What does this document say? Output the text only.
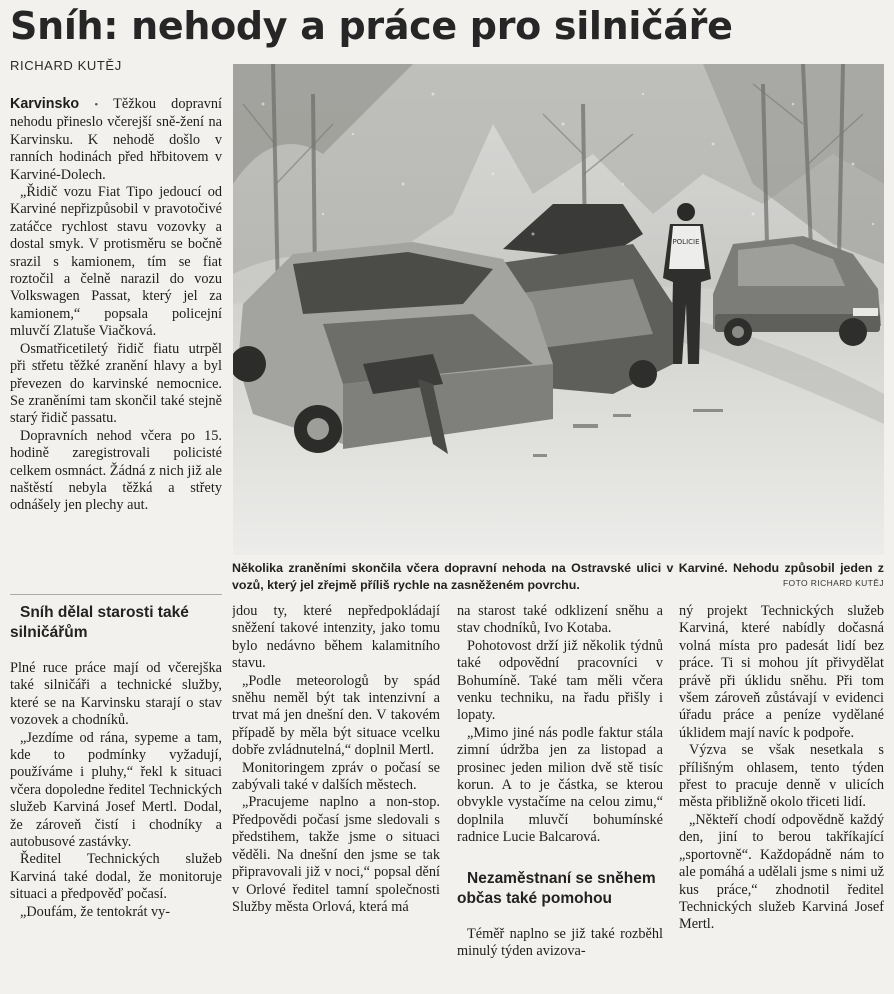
Sníh: nehody a práce pro silničáře
RICHARD KUTĚJ

Karvinsko • Těžkou dopravní nehodu přineslo včerejší sně-žení na Karvinsku. K nehodě došlo v ranních hodinách před hřbitovem v Karviné-Dolech.

„Řidič vozu Fiat Tipo jedoucí od Karviné nepřizpůsobil v pravotočivé zatáčce rychlost stavu vozovky a dostal smyk. V protisměru se bočně srazil s kamionem, tím se fiat roztočil a čelně narazil do vozu Volkswagen Passat, který jel za kamionem,“ popsala policejní mluvčí Zlatuše Viačková.

Osmatřicetiletý řidič fiatu utrpěl při střetu těžké zranění hlavy a byl převezen do karvinské nemocnice. Se zraněními tam skončil také stejně starý řidič passatu.

Dopravních nehod včera po 15. hodině zaregistrovali policisté celkem osmnáct. Žádná z nich již ale naštěstí nebyla těžká a střety odnášely jen plechy aut.

POLICIE

Několika zraněními skončila včera dopravní nehoda na Ostravské ulici v Karviné. Nehodu způsobil jeden z vozů, který jel zřejmě příliš rychle na zasněženém povrchu.	FOTO RICHARD KUTĚJ

Sníh dělal starosti také silničářům

Plné ruce práce mají od včerejška také silničáři a technické služby, které se na Karvinsku starají o stav vozovek a chodníků.

„Jezdíme od rána, sypeme a tam, kde to podmínky vyžadují, používáme i pluhy,“ řekl k situaci včera dopoledne ředitel Technických služeb Karviná Josef Mertl. Dodal, že zároveň čistí i chodníky a autobusové zastávky.

Ředitel Technických služeb Karviná také dodal, že monitoruje situaci a předpověď počasí.

„Doufám, že tentokrát vy-

jdou ty, které nepředpokládají sněžení takové intenzity, jako tomu bylo nedávno během kalamitního stavu.

„Podle meteorologů by spád sněhu neměl být tak intenzivní a trvat má jen dnešní den. V takovém případě by měla být situace vcelku dobře zvládnutelná,“ doplnil Mertl.

Monitoringem zpráv o počasí se zabývali také v dalších městech.

„Pracujeme naplno a non-stop. Předpovědi počasí jsme sledovali s předstihem, takže jsme o situaci věděli. Na dnešní den jsme se tak připravovali již v noci,“ popsal dění v Orlové ředitel tamní společnosti Služby města Orlová, která má

na starost také odklizení sněhu a stav chodníků, Ivo Kotaba.

Pohotovost drží již několik týdnů také odpovědní pracovníci v Bohumíně. Také tam měli včera venku techniku, na řadu přišly i lopaty.

„Mimo jiné nás podle faktur stála zimní údržba jen za listopad a prosinec jeden milion dvě stě tisíc korun. A to je částka, se kterou obvykle vystačíme na celou zimu,“ doplnila mluvčí bohumínské radnice Lucie Balcarová.

Nezaměstnaní se sněhem občas také pomohou

Téměř naplno se již také rozběhl minulý týden avizova-

ný projekt Technických služeb Karviná, které nabídly dočasná volná místa pro padesát lidí bez práce. Ti si mohou jít přivydělat právě při úklidu sněhu. Při tom všem zároveň zůstávají v evidenci úřadu práce a peníze vydělané úklidem mají navíc k podpoře.

Výzva se však nesetkala s přílišným ohlasem, tento týden přest to pracuje denně v ulicích města přibližně okolo třiceti lidí.

„Někteří chodí odpovědně každý den, jiní to berou takříkající „sportovně“. Každopádně nám to ale pomáhá a udělali jsme s nimi už kus práce,“ zhodnotil ředitel Technických služeb Karviná Josef Mertl.
